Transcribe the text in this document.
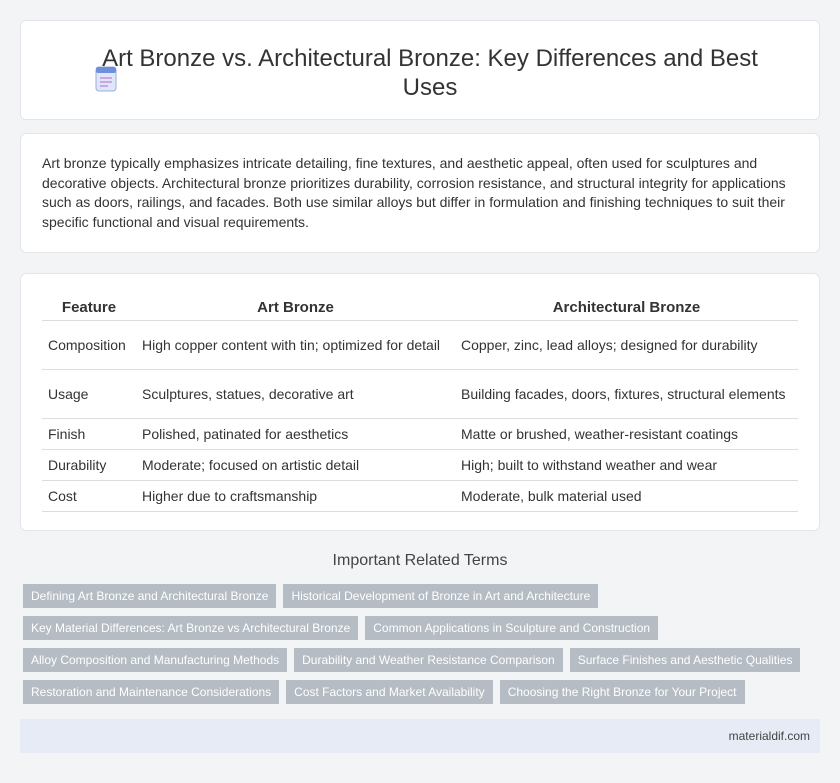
Art Bronze vs. Architectural Bronze: Key Differences and Best Uses

Art bronze typically emphasizes intricate detailing, fine textures, and aesthetic appeal, often used for sculptures and decorative objects. Architectural bronze prioritizes durability, corrosion resistance, and structural integrity for applications such as doors, railings, and facades. Both use similar alloys but differ in formulation and finishing techniques to suit their specific functional and visual requirements.

Feature	Art Bronze	Architectural Bronze
Composition	High copper content with tin; optimized for detail	Copper, zinc, lead alloys; designed for durability
Usage	Sculptures, statues, decorative art	Building facades, doors, fixtures, structural elements
Finish	Polished, patinated for aesthetics	Matte or brushed, weather-resistant coatings
Durability	Moderate; focused on artistic detail	High; built to withstand weather and wear
Cost	Higher due to craftsmanship	Moderate, bulk material used
Important Related Terms
Defining Art Bronze and Architectural Bronze	Historical Development of Bronze in Art and Architecture
Key Material Differences: Art Bronze vs Architectural Bronze	Common Applications in Sculpture and Construction
Alloy Composition and Manufacturing Methods	Durability and Weather Resistance Comparison	Surface Finishes and Aesthetic Qualities
Restoration and Maintenance Considerations	Cost Factors and Market Availability	Choosing the Right Bronze for Your Project
materialdif.com
